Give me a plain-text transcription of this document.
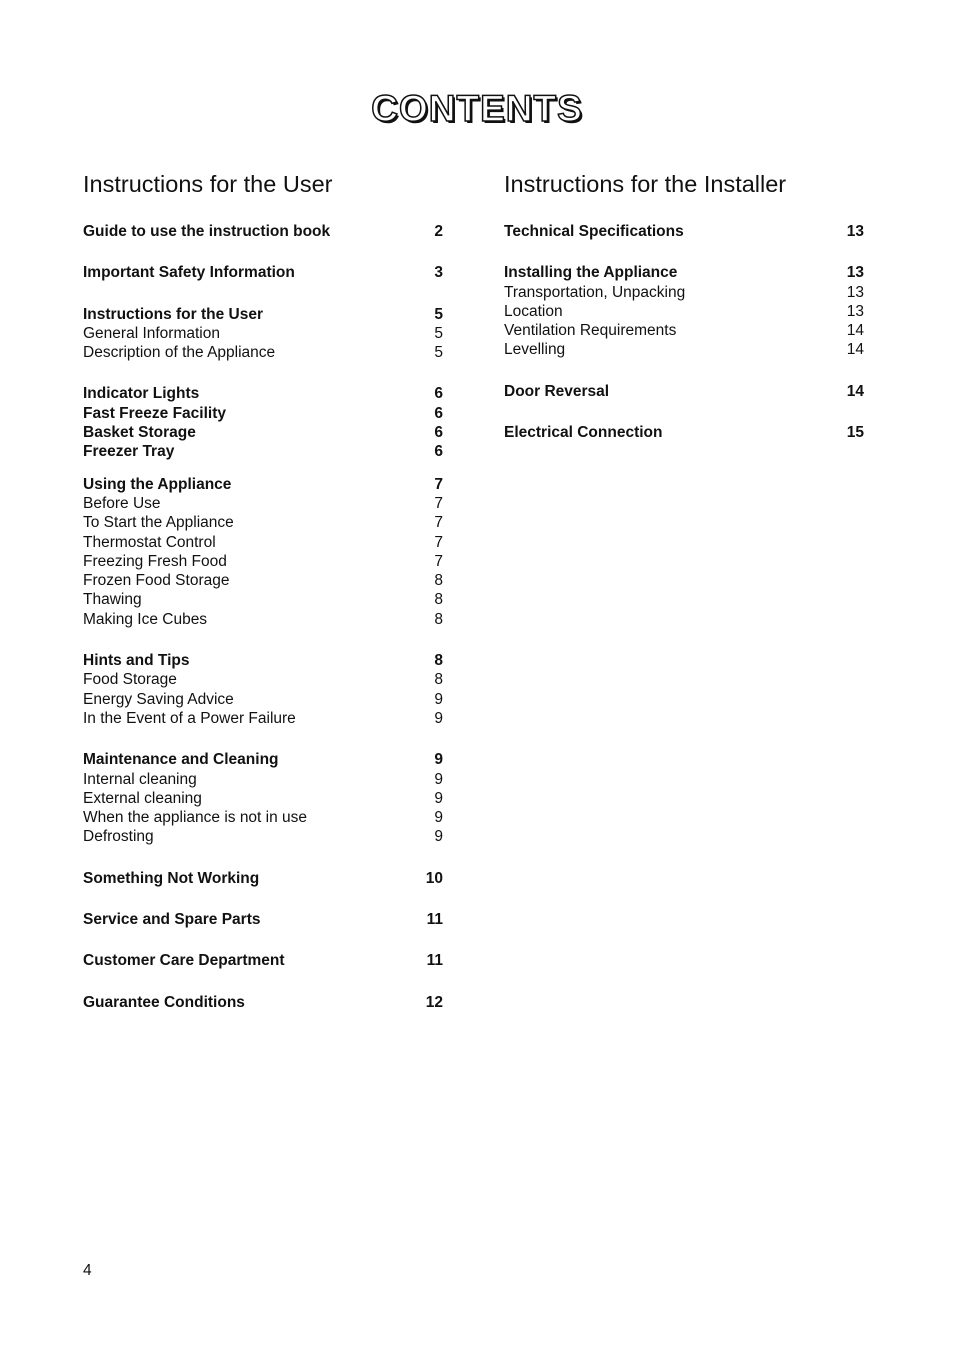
CONTENTS
Instructions for the User
Guide to use the instruction book	2
Important Safety Information	3
Instructions for the User	5
General Information	5
Description of the Appliance	5
Indicator Lights	6
Fast Freeze Facility	6
Basket Storage	6
Freezer Tray	6
Using the Appliance	7
Before Use	7
To Start the Appliance	7
Thermostat Control	7
Freezing Fresh Food	7
Frozen Food Storage	8
Thawing	8
Making Ice Cubes	8
Hints and Tips	8
Food Storage	8
Energy Saving Advice	9
In the Event of a Power Failure	9
Maintenance and Cleaning	9
Internal cleaning	9
External cleaning	9
When the appliance is not in use	9
Defrosting	9
Something Not Working	10
Service and Spare Parts	11
Customer Care Department	11
Guarantee Conditions	12
Instructions for the Installer
Technical Specifications	13
Installing the Appliance	13
Transportation, Unpacking	13
Location	13
Ventilation Requirements	14
Levelling	14
Door Reversal	14
Electrical Connection	15
4
